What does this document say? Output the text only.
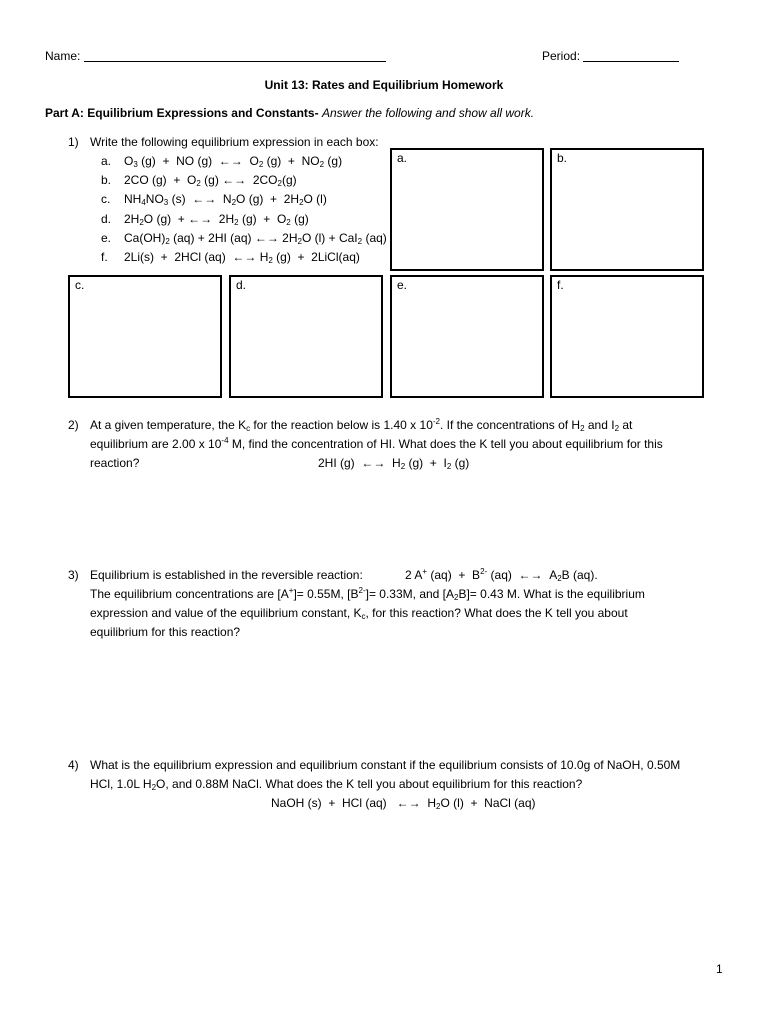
Name:	Period:
Unit 13: Rates and Equilibrium Homework
Part A: Equilibrium Expressions and Constants- Answer the following and show all work.
1) Write the following equilibrium expression in each box:
a. $O_3$ (g)  +  NO (g)  ←→  $O_2$ $(g) + NO_2$ (g)
b. 2CO $(g) + O_2$ (g) ←→  $2CO_2(g)$
c. $NH_4NO_3$ (s)  ←→  $N_2O$ $(g) + 2H_2O$ (l)
d. $2H_2O$ (g)  + ←→  $2H_2$ $(g) + O_2$ (g)
e. $Ca(OH)_2$ (aq) + 2HI (aq) ←→ $2H_2O$ (l) + CaI$_2$ (aq)
f. 2Li(s)  +  2HCl (aq)  ←→ $H_2$ (g)  +  2LiCl(aq)
a.	b.
c.	d.	e.	f.
2) At a given temperature, the $K_c$ for the reaction below is 1.40 x $10^{-2}$. If the concentrations of $H_2$ and $I_2$ at
equilibrium are 2.00 x $10^{-4}$ M, find the concentration of HI. What does the K tell you about equilibrium for this
reaction?	2HI (g)  ←→  $H_2$ $(g) + I_2$ (g)
3) Equilibrium is established in the reversible reaction:	2 A+ $(aq) + B^{2-}$ (aq)  ←→  $A_2B$ (aq).
The equilibrium concentrations are [A+]= 0.55M, $[B^{2-}]= 0.33M$, and $[A_2B]= 0.43$ M. What is the equilibrium
expression and value of the equilibrium constant, $K_c$, for this reaction? What does the K tell you about
equilibrium for this reaction?
4) What is the equilibrium expression and equilibrium constant if the equilibrium consists of 10.0g of NaOH, 0.50M
HCl, 1.0L $H_2O$, and 0.88M NaCl. What does the K tell you about equilibrium for this reaction?
NaOH (s)  +  HCl (aq)   ←→  $H_2O$ (l)  +  NaCl (aq)
1
